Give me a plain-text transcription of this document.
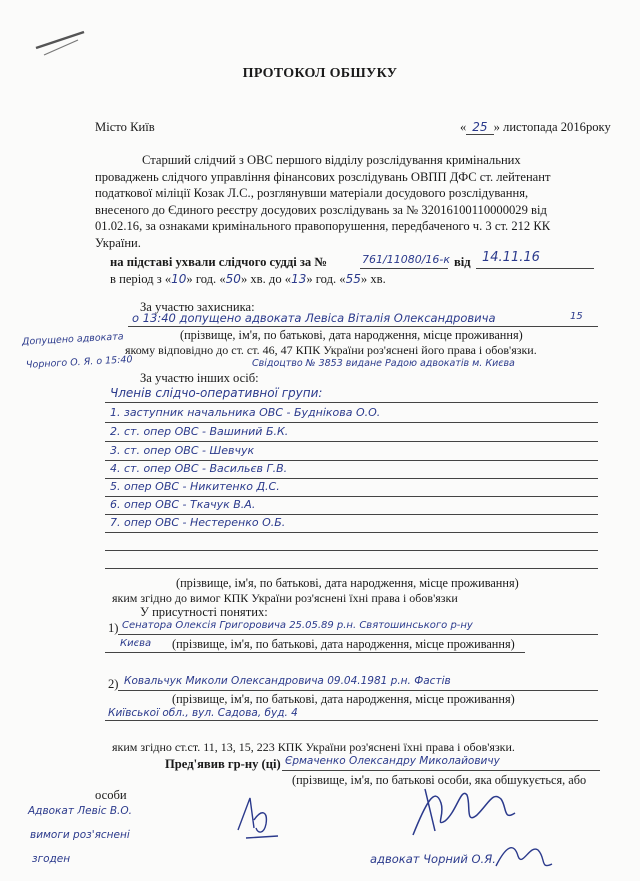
ПРОТОКОЛ ОБШУКУ
Місто Київ	« 25 » листопада 2016року
Старший слідчий з ОВС першого відділу розслідування кримінальних
проваджень слідчого управління фінансових розслідувань ОВПП ДФС ст. лейтенант
податкової міліції Козак Л.С., розглянувши матеріали досудового розслідування,
внесеного до Єдиного реєстру досудових розслідувань за № 32016100110000029 від
01.02.16, за ознаками кримінального правопорушення, передбаченого ч. 3 ст. 212 КК
України.
на підставі ухвали слідчого судді за №	761/11080/16-к від 14.11.16
в період з «10» год. «50» хв. до «13» год. «55» хв.
За участю захисника:
о 13:40 допущено адвоката Левіса Віталія Олександровича	15
(прізвище, ім'я, по батькові, дата народження, місце проживання)
Допущено адвоката
Чорного О. Я. о 15:40
якому відповідно до ст. ст. 46, 47 КПК України роз'яснені його права і обов'язки.
Свідоцтво № 3853 видане Радою адвокатів м. Києва
За участю інших осіб:
Членів слідчо-оперативної групи:
1. заступник начальника ОВС - Буднікова О.О.
2. ст. опер ОВС - Вашиний Б.К.
3. ст. опер ОВС - Шевчук
4. ст. опер ОВС - Васильєв Г.В.
5. опер ОВС - Никитенко Д.С.
6. опер ОВС - Ткачук В.А.
7. опер ОВС - Нестеренко О.Б.
(прізвище, ім'я, по батькові, дата народження, місце проживання)
яким згідно до вимог КПК України роз'яснені їхні права і обов'язки
У присутності понятих:
1) Сенатора Олексія Григоровича 25.05.89 р.н. Святошинського р-ну
Києва (прізвище, ім'я, по батькові, дата народження, місце проживання)
2) Ковальчук Миколи Олександровича 09.04.1981 р.н. Фастів
(прізвище, ім'я, по батькові, дата народження, місце проживання)
Київської обл., вул. Садова, буд. 4
яким згідно ст.ст. 11, 13, 15, 223 КПК України роз'яснені їхні права і обов'язки.
Пред'явив гр-ну (ці) Єрмаченко Олександру Миколайовичу
(прізвище, ім'я, по батькові особи, яка обшукується, або
особи
Адвокат Левіс В.О.
вимоги роз'яснені
згоден	адвокат Чорний О.Я.
